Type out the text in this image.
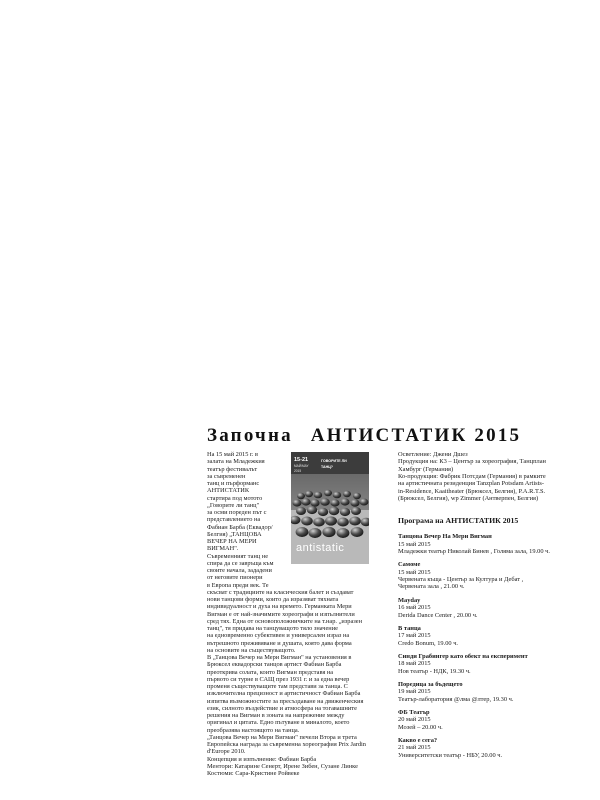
Започна АНТИСТАТИК 2015
На 15 май 2015 г. в
залата на Младежкия
театър фестивалът
за съвременен
танц и пърформанс
АНТИСТАТИК
стартира под мотото
„Говорите ли танц"
за осми пореден път с
представлението на
Фабиан Барба (Еквадор/
Белгия) „ТАНЦОВА
ВЕЧЕР НА МЕРИ
ВИГМАН".
Съвременният танц не
спира да се завръща към
своите начала, зададени
от неговите пионери
в Европа преди век. Те
скъсват с традициите на класическия балет и създават
нови танцови форми, които да изразяват тяхната
индивидуалност и духа на времето. Германката Мери
Вигман е от най-значимите хореографи и изпълнители
сред тях. Една от основоположничките на т.нар. „изразен
танц", тя придава на танцуващото тяло значение
на едновременно субективен и универсален израз на
вътрешното преживяване и душата, която дава форма
на основите на съществуващото.
В „Танцова Вечер на Мери Вигман" на установения в
Брюксел еквадорски танцов артист Фабиан Барба
преоткрива солата, които Вигман представя на
първото си турне в САЩ през 1931 г. и за една вечер
променя съществуващите там представи за танца. С
изключителна прецизност и артистичност Фабиан Барба
изпитва възможностите за пресъздаване на движенческия
език, силното въздействие и атмосфера на тогавашните
решения на Вигман в зоната на напрежение между
оригинал и цитата. Едно пътуване в миналото, което
преобразява настоящото на танца.
„Танцова Вечер на Мери Вигман" печели Втора и трета
Европейска награда за съвременна хореография Prix Jardin
d'Europe 2010.
Концепция и изпълнение: Фабиан Барба
Ментори: Катарине Сенерт, Ирене Зибен, Сузане Линке
Костюми: Сара-Кристине Ройвеке
15-21
МАЙ/MAY
2015
ГОВОРИТЕ ЛИ
ТАНЦ?
antistatic

Осветление: Джени Дшез

Продукция на: К3 – Център за хореография, Танцплан

Хамбург (Германия)

Ко-продукция: Фабрик Потсдам (Германия) в рамките

на артистичната резиденция Tanzplan Potsdam Artists-

in-Residence, Kaaitheater (Брюксел, Белгия), P.A.R.T.S.

(Брюксел, Белгия), wp Zimmer (Антверпен, Белгия)

Програма на АНТИСТАТИК 2015

Танцова Вечер На Мери Вигман

15 май 2015

Младежки театър Николай Бинев , Голяма зала, 19.00 ч.

Самоме

15 май 2015

Червената къща - Център за Култура и Дебат ,

Червената зала , 21.00 ч.

Mayday

16 май 2015

Derida Dance Center , 20.00 ч.

В танца

17 май 2015

Credo Bonum, 19.00 ч.

Синди Грабингер като обект на експеримент

18 май 2015

Нов театър - НДК, 19.30 ч.

Поредица за бъдещето

19 май 2015

Театър-лаборатория @лма @лтер, 19.30 ч.

ФБ Театър

20 май 2015

Мозей – 20.00 ч.

Какво е сега?

21 май 2015

Университетски театър - НБУ, 20.00 ч.
